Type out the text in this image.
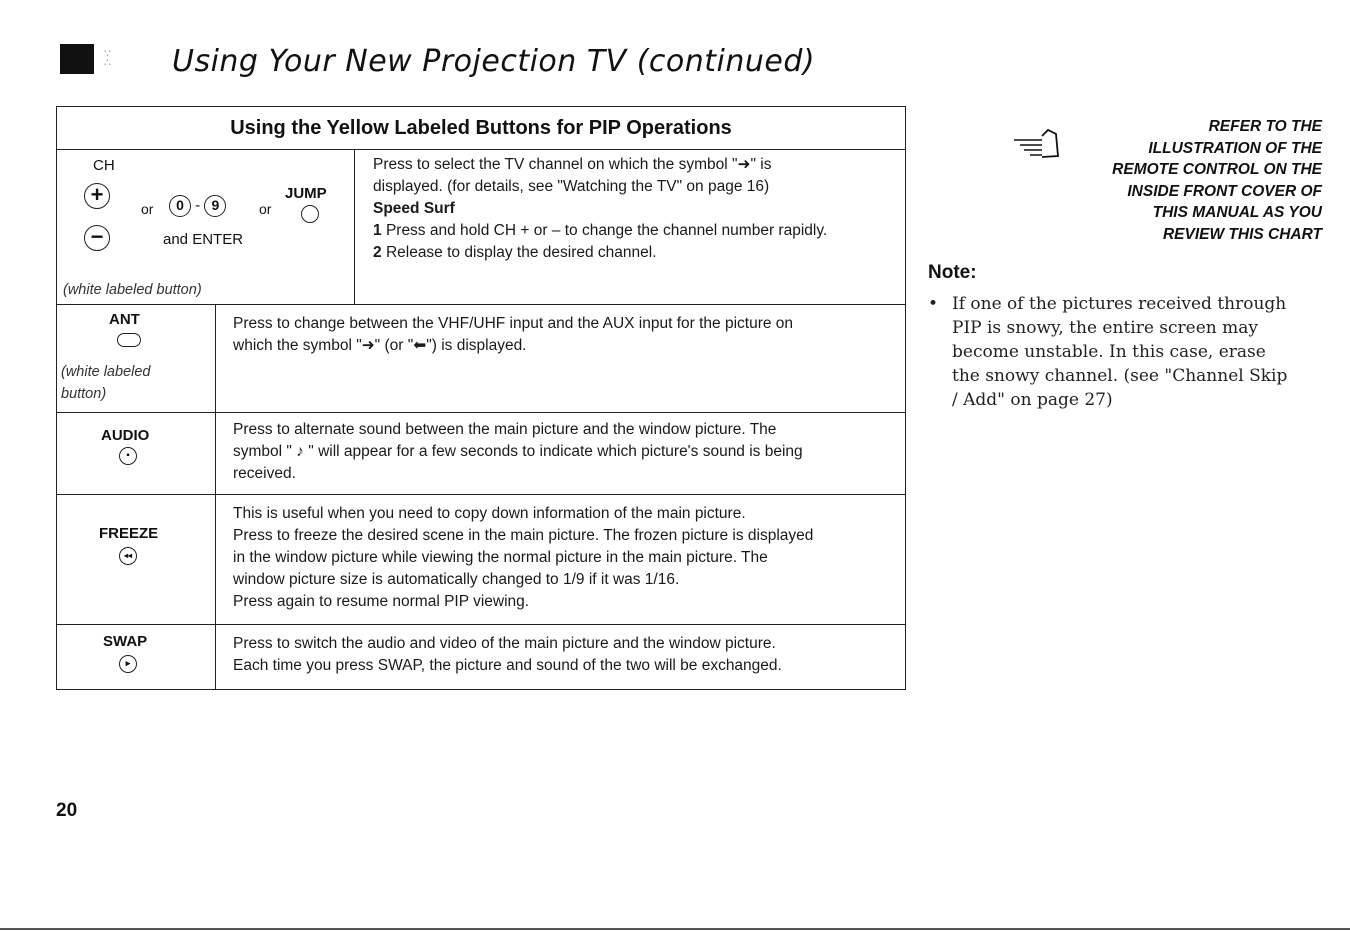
∵
∴ Using Your New Projection TV (continued)
Using the Yellow Labeled Buttons for PIP Operations
CH
+
−
or	0 - 9	or
JUMP
and ENTER
(white labeled button)
Press to select the TV channel on which the symbol "➜" is
displayed. (for details, see "Watching the TV" on page 16)
Speed Surf
1 Press and hold CH + or – to change the channel number rapidly.
2 Release to display the desired channel.
ANT
(white labeled
button)
Press to change between the VHF/UHF input and the AUX input for the picture on
which the symbol "➜" (or "⬅") is displayed.
AUDIO
▪
Press to alternate sound between the main picture and the window picture. The
symbol " ♪ " will appear for a few seconds to indicate which picture's sound is being
received.
FREEZE
◂◂
This is useful when you need to copy down information of the main picture.
Press to freeze the desired scene in the main picture. The frozen picture is displayed
in the window picture while viewing the normal picture in the main picture. The
window picture size is automatically changed to 1/9 if it was 1/16.
Press again to resume normal PIP viewing.
SWAP
▸
Press to switch the audio and video of the main picture and the window picture.
Each time you press SWAP, the picture and sound of the two will be exchanged.
REFER TO THE
ILLUSTRATION OF THE
REMOTE CONTROL ON THE
INSIDE FRONT COVER OF
THIS MANUAL AS YOU
REVIEW THIS CHART
Note:
• If one of the pictures received through PIP is snowy, the entire screen may become unstable. In this case, erase the snowy channel. (see "Channel Skip / Add" on page 27)
20
